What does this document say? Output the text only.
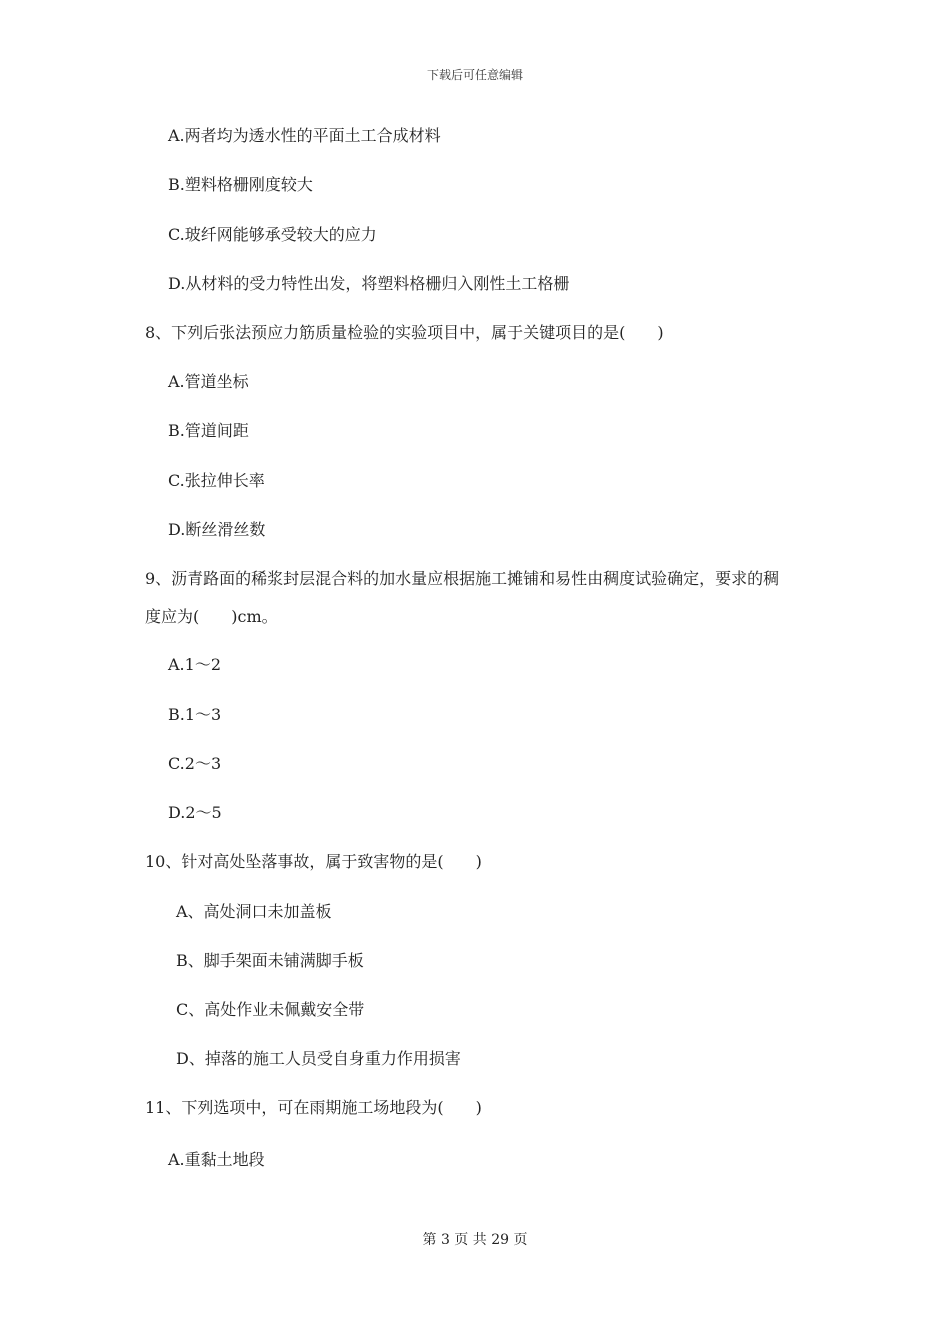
下载后可任意编辑
A.两者均为透水性的平面土工合成材料
B.塑料格栅刚度较大
C.玻纤网能够承受较大的应力
D.从材料的受力特性出发，将塑料格栅归入刚性土工格栅
8、下列后张法预应力筋质量检验的实验项目中，属于关键项目的是(　　)
A.管道坐标
B.管道间距
C.张拉伸长率
D.断丝滑丝数
9、沥青路面的稀浆封层混合料的加水量应根据施工摊铺和易性由稠度试验确定，要求的稠
度应为(　　)cm。
A.1～2
B.1～3
C.2～3
D.2～5
10、针对高处坠落事故，属于致害物的是(　　)
A、高处洞口未加盖板
B、脚手架面未铺满脚手板
C、高处作业未佩戴安全带
D、掉落的施工人员受自身重力作用损害
11、下列选项中，可在雨期施工场地段为(　　)
A.重黏土地段
第 3 页 共 29 页
